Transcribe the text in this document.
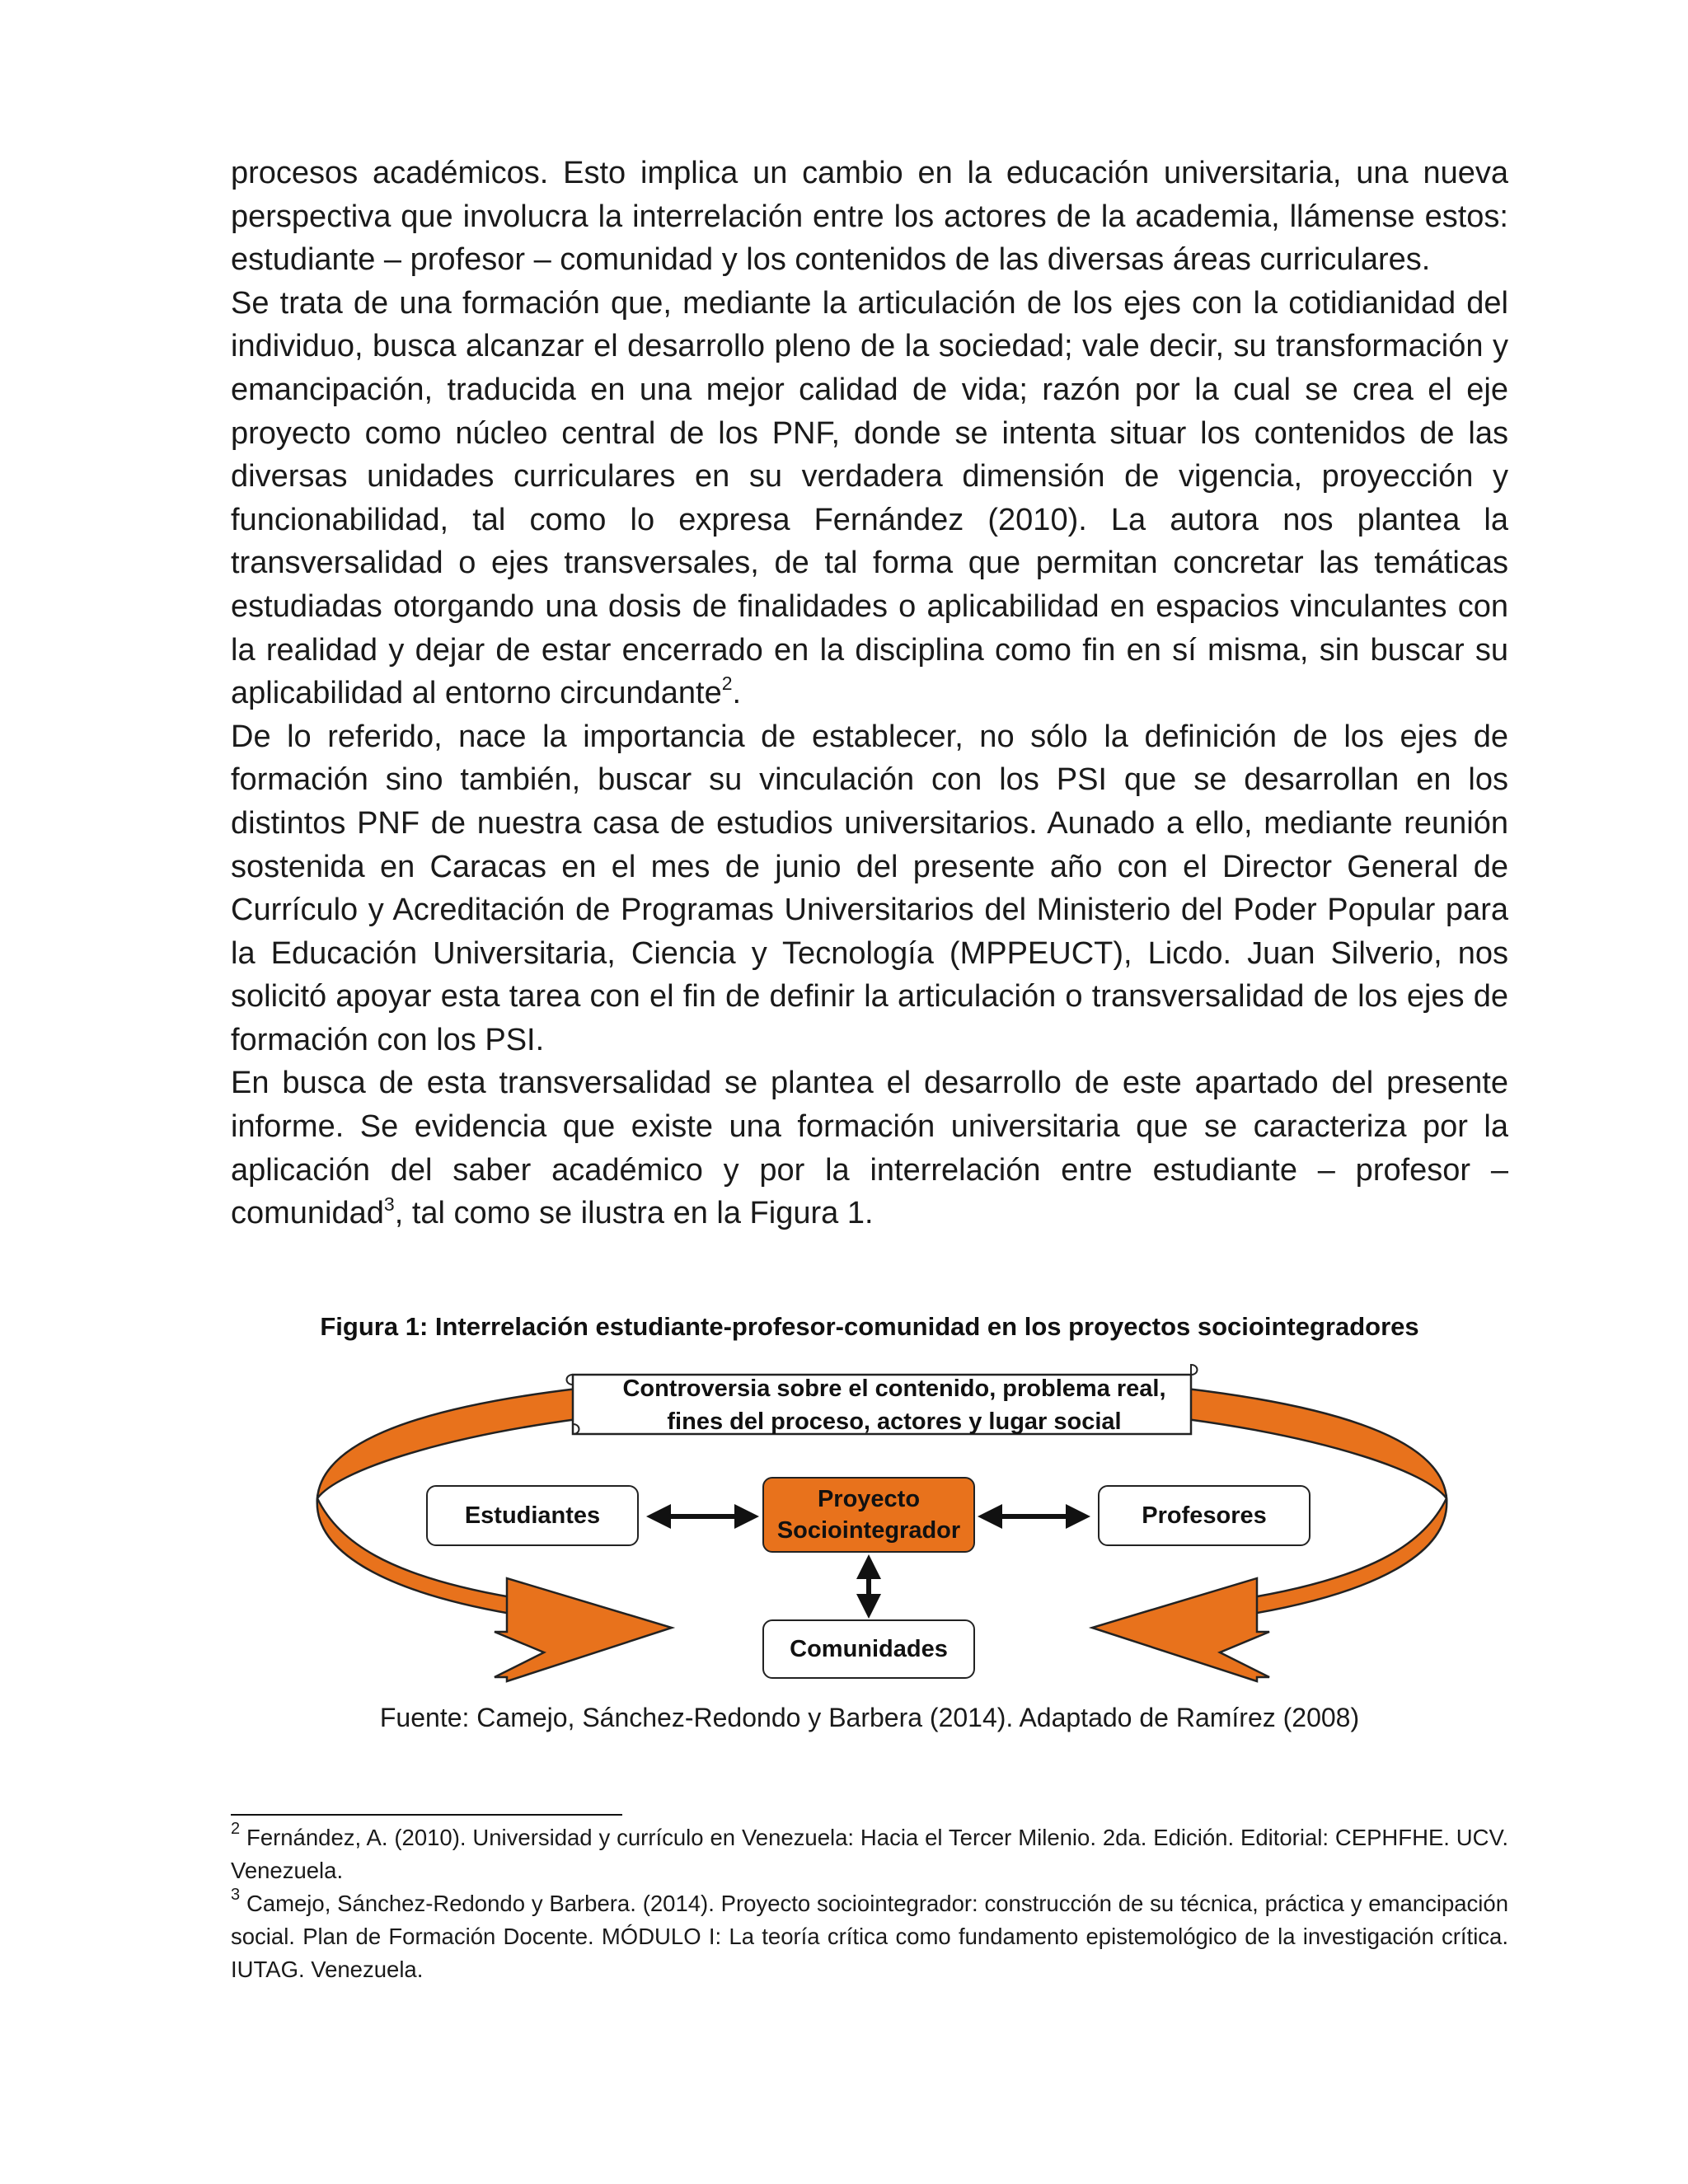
procesos académicos. Esto implica un cambio en la educación universitaria, una nueva perspectiva que involucra la interrelación entre los actores de la academia, llámense estos: estudiante – profesor – comunidad y los contenidos de las diversas áreas curriculares.

Se trata de una formación que, mediante la articulación de los ejes con la cotidianidad del individuo, busca alcanzar el desarrollo pleno de la sociedad; vale decir, su transformación y emancipación, traducida en una mejor calidad de vida; razón por la cual se crea el eje proyecto como núcleo central de los PNF, donde se intenta situar los contenidos de las diversas unidades curriculares en su verdadera dimensión de vigencia, proyección y funcionabilidad, tal como lo expresa Fernández (2010). La autora nos plantea la transversalidad o ejes transversales, de tal forma que permitan concretar las temáticas estudiadas otorgando una dosis de finalidades o aplicabilidad en espacios vinculantes con la realidad y dejar de estar encerrado en la disciplina como fin en sí misma, sin buscar su aplicabilidad al entorno circundante$^2$.

De lo referido, nace la importancia de establecer, no sólo la definición de los ejes de formación sino también, buscar su vinculación con los PSI que se desarrollan en los distintos PNF de nuestra casa de estudios universitarios. Aunado a ello, mediante reunión sostenida en Caracas en el mes de junio del presente año con el Director General de Currículo y Acreditación de Programas Universitarios del Ministerio del Poder Popular para la Educación Universitaria, Ciencia y Tecnología (MPPEUCT), Licdo. Juan Silverio, nos solicitó apoyar esta tarea con el fin de definir la articulación o transversalidad de los ejes de formación con los PSI.

En busca de esta transversalidad se plantea el desarrollo de este apartado del presente informe. Se evidencia que existe una formación universitaria que se caracteriza por la aplicación del saber académico y por la interrelación entre estudiante – profesor – comunidad$^3$, tal como se ilustra en la Figura 1.

Figura 1: Interrelación estudiante-profesor-comunidad en los proyectos sociointegradores
Controversia sobre el contenido, problema real,
fines del proceso, actores y lugar social
Estudiantes
Proyecto
Sociointegrador
Profesores
Comunidades
Fuente: Camejo, Sánchez-Redondo y Barbera (2014). Adaptado de Ramírez (2008)

$^2$ Fernández, A. (2010). Universidad y currículo en Venezuela: Hacia el Tercer Milenio. 2da. Edición. Editorial: CEPHFHE. UCV. Venezuela.

$^3$ Camejo, Sánchez-Redondo y Barbera. (2014). Proyecto sociointegrador: construcción de su técnica, práctica y emancipación social. Plan de Formación Docente. MÓDULO I: La teoría crítica como fundamento epistemológico de la investigación crítica. IUTAG. Venezuela.
